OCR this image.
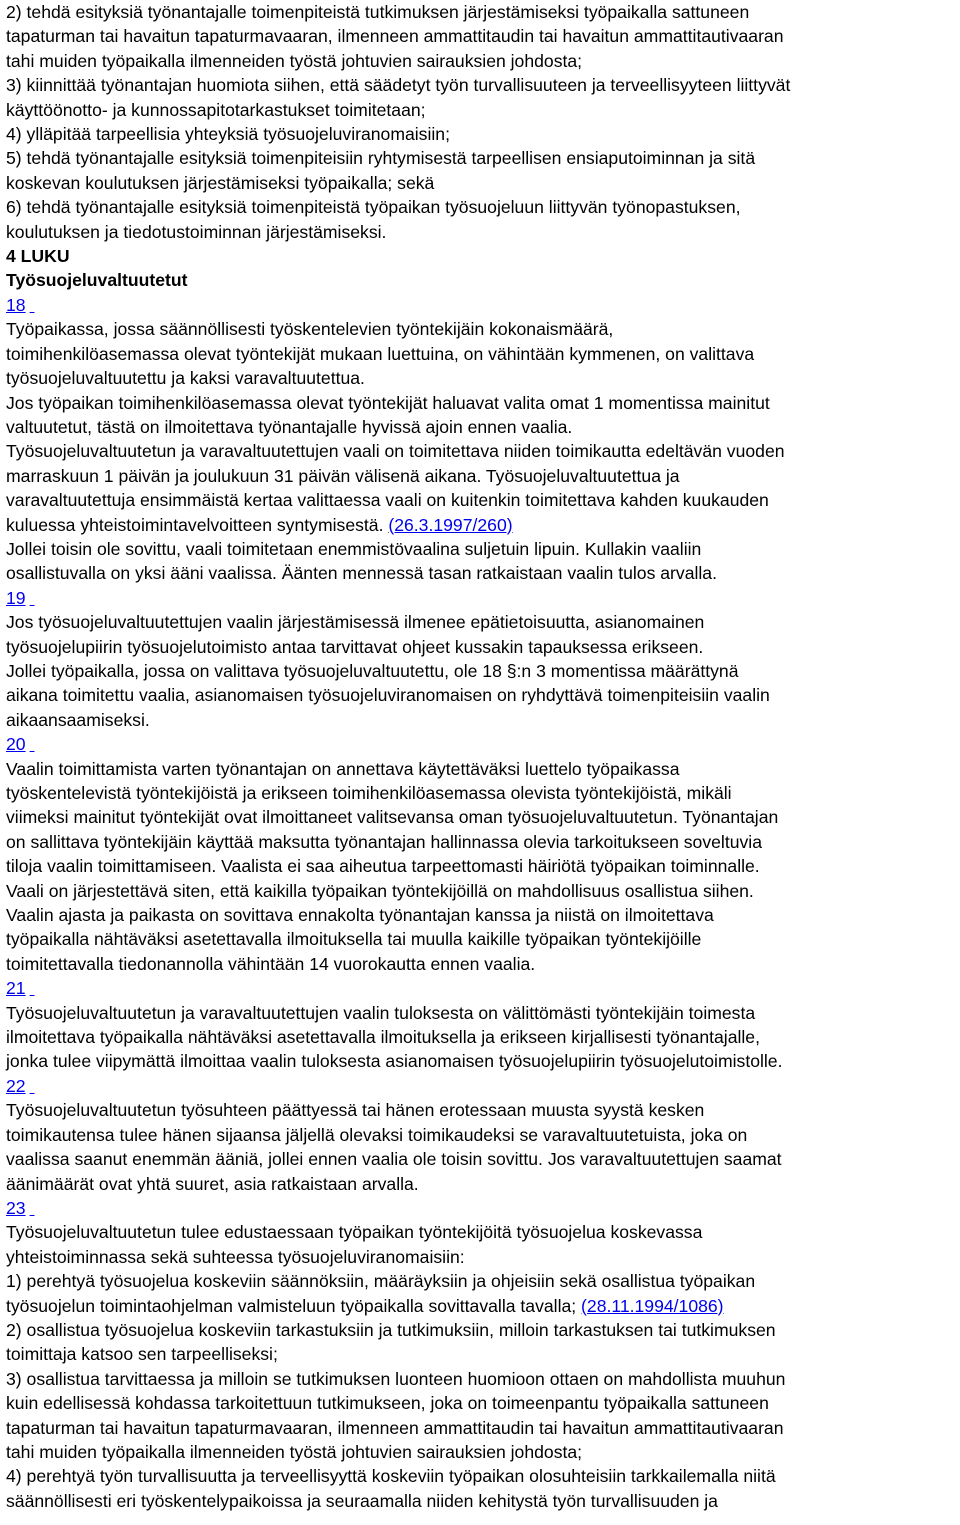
2) tehdä esityksiä työnantajalle toimenpiteistä tutkimuksen järjestämiseksi työpaikalla sattuneen
tapaturman tai havaitun tapaturmavaaran, ilmenneen ammattitaudin tai havaitun ammattitautivaaran
tahi muiden työpaikalla ilmenneiden työstä johtuvien sairauksien johdosta;
3) kiinnittää työnantajan huomiota siihen, että säädetyt työn turvallisuuteen ja terveellisyyteen liittyvät
käyttöönotto- ja kunnossapitotarkastukset toimitetaan;
4) ylläpitää tarpeellisia yhteyksiä työsuojeluviranomaisiin;
5) tehdä työnantajalle esityksiä toimenpiteisiin ryhtymisestä tarpeellisen ensiaputoiminnan ja sitä
koskevan koulutuksen järjestämiseksi työpaikalla; sekä
6) tehdä työnantajalle esityksiä toimenpiteistä työpaikan työsuojeluun liittyvän työnopastuksen,
koulutuksen ja tiedotustoiminnan järjestämiseksi.
4 LUKU
Työsuojeluvaltuutetut
18
Työpaikassa, jossa säännöllisesti työskentelevien työntekijäin kokonaismäärä,
toimihenkilöasemassa olevat työntekijät mukaan luettuina, on vähintään kymmenen, on valittava
työsuojeluvaltuutettu ja kaksi varavaltuutettua.
Jos työpaikan toimihenkilöasemassa olevat työntekijät haluavat valita omat 1 momentissa mainitut
valtuutetut, tästä on ilmoitettava työnantajalle hyvissä ajoin ennen vaalia.
Työsuojeluvaltuutetun ja varavaltuutettujen vaali on toimitettava niiden toimikautta edeltävän vuoden
marraskuun 1 päivän ja joulukuun 31 päivän välisenä aikana. Työsuojeluvaltuutettua ja
varavaltuutettuja ensimmäistä kertaa valittaessa vaali on kuitenkin toimitettava kahden kuukauden
kuluessa yhteistoimintavelvoitteen syntymisestä. (26.3.1997/260)
Jollei toisin ole sovittu, vaali toimitetaan enemmistövaalina suljetuin lipuin. Kullakin vaaliin
osallistuvalla on yksi ääni vaalissa. Äänten mennessä tasan ratkaistaan vaalin tulos arvalla.
19
Jos työsuojeluvaltuutettujen vaalin järjestämisessä ilmenee epätietoisuutta, asianomainen
työsuojelupiirin työsuojelutoimisto antaa tarvittavat ohjeet kussakin tapauksessa erikseen.
Jollei työpaikalla, jossa on valittava työsuojeluvaltuutettu, ole 18 §:n 3 momentissa määrättynä
aikana toimitettu vaalia, asianomaisen työsuojeluviranomaisen on ryhdyttävä toimenpiteisiin vaalin
aikaansaamiseksi.
20
Vaalin toimittamista varten työnantajan on annettava käytettäväksi luettelo työpaikassa
työskentelevistä työntekijöistä ja erikseen toimihenkilöasemassa olevista työntekijöistä, mikäli
viimeksi mainitut työntekijät ovat ilmoittaneet valitsevansa oman työsuojeluvaltuutetun. Työnantajan
on sallittava työntekijäin käyttää maksutta työnantajan hallinnassa olevia tarkoitukseen soveltuvia
tiloja vaalin toimittamiseen. Vaalista ei saa aiheutua tarpeettomasti häiriötä työpaikan toiminnalle.
Vaali on järjestettävä siten, että kaikilla työpaikan työntekijöillä on mahdollisuus osallistua siihen.
Vaalin ajasta ja paikasta on sovittava ennakolta työnantajan kanssa ja niistä on ilmoitettava
työpaikalla nähtäväksi asetettavalla ilmoituksella tai muulla kaikille työpaikan työntekijöille
toimitettavalla tiedonannolla vähintään 14 vuorokautta ennen vaalia.
21
Työsuojeluvaltuutetun ja varavaltuutettujen vaalin tuloksesta on välittömästi työntekijäin toimesta
ilmoitettava työpaikalla nähtäväksi asetettavalla ilmoituksella ja erikseen kirjallisesti työnantajalle,
jonka tulee viipymättä ilmoittaa vaalin tuloksesta asianomaisen työsuojelupiirin työsuojelutoimistolle.
22
Työsuojeluvaltuutetun työsuhteen päättyessä tai hänen erotessaan muusta syystä kesken
toimikautensa tulee hänen sijaansa jäljellä olevaksi toimikaudeksi se varavaltuutetuista, joka on
vaalissa saanut enemmän ääniä, jollei ennen vaalia ole toisin sovittu. Jos varavaltuutettujen saamat
äänimäärät ovat yhtä suuret, asia ratkaistaan arvalla.
23
Työsuojeluvaltuutetun tulee edustaessaan työpaikan työntekijöitä työsuojelua koskevassa
yhteistoiminnassa sekä suhteessa työsuojeluviranomaisiin:
1) perehtyä työsuojelua koskeviin säännöksiin, määräyksiin ja ohjeisiin sekä osallistua työpaikan
työsuojelun toimintaohjelman valmisteluun työpaikalla sovittavalla tavalla; (28.11.1994/1086)
2) osallistua työsuojelua koskeviin tarkastuksiin ja tutkimuksiin, milloin tarkastuksen tai tutkimuksen
toimittaja katsoo sen tarpeelliseksi;
3) osallistua tarvittaessa ja milloin se tutkimuksen luonteen huomioon ottaen on mahdollista muuhun
kuin edellisessä kohdassa tarkoitettuun tutkimukseen, joka on toimeenpantu työpaikalla sattuneen
tapaturman tai havaitun tapaturmavaaran, ilmenneen ammattitaudin tai havaitun ammattitautivaaran
tahi muiden työpaikalla ilmenneiden työstä johtuvien sairauksien johdosta;
4) perehtyä työn turvallisuutta ja terveellisyyttä koskeviin työpaikan olosuhteisiin tarkkailemalla niitä
säännöllisesti eri työskentelypaikoissa ja seuraamalla niiden kehitystä työn turvallisuuden ja
